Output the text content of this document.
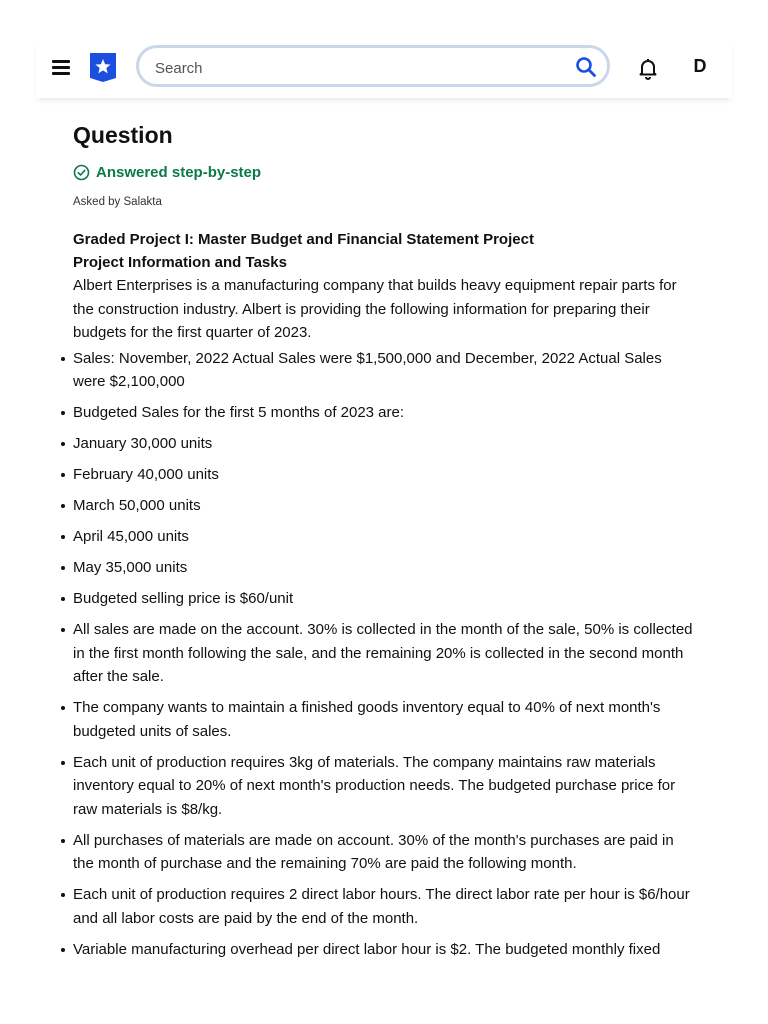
Search
D
Question
Answered step-by-step
Asked by Salakta
Graded Project I: Master Budget and Financial Statement Project
Project Information and Tasks
Albert Enterprises is a manufacturing company that builds heavy equipment repair parts for the construction industry. Albert is providing the following information for preparing their budgets for the first quarter of 2023.
Sales: November, 2022 Actual Sales were $1,500,000 and December, 2022 Actual Sales were $2,100,000
Budgeted Sales for the first 5 months of 2023 are:
January 30,000 units
February 40,000 units
March 50,000 units
April 45,000 units
May 35,000 units
Budgeted selling price is $60/unit
All sales are made on the account. 30% is collected in the month of the sale, 50% is collected in the first month following the sale, and the remaining 20% is collected in the second month after the sale.
The company wants to maintain a finished goods inventory equal to 40% of next month's budgeted units of sales.
Each unit of production requires 3kg of materials. The company maintains raw materials inventory equal to 20% of next month's production needs. The budgeted purchase price for raw materials is $8/kg.
All purchases of materials are made on account. 30% of the month's purchases are paid in the month of purchase and the remaining 70% are paid the following month.
Each unit of production requires 2 direct labor hours. The direct labor rate per hour is $6/hour and all labor costs are paid by the end of the month.
Variable manufacturing overhead per direct labor hour is $2. The budgeted monthly fixed
